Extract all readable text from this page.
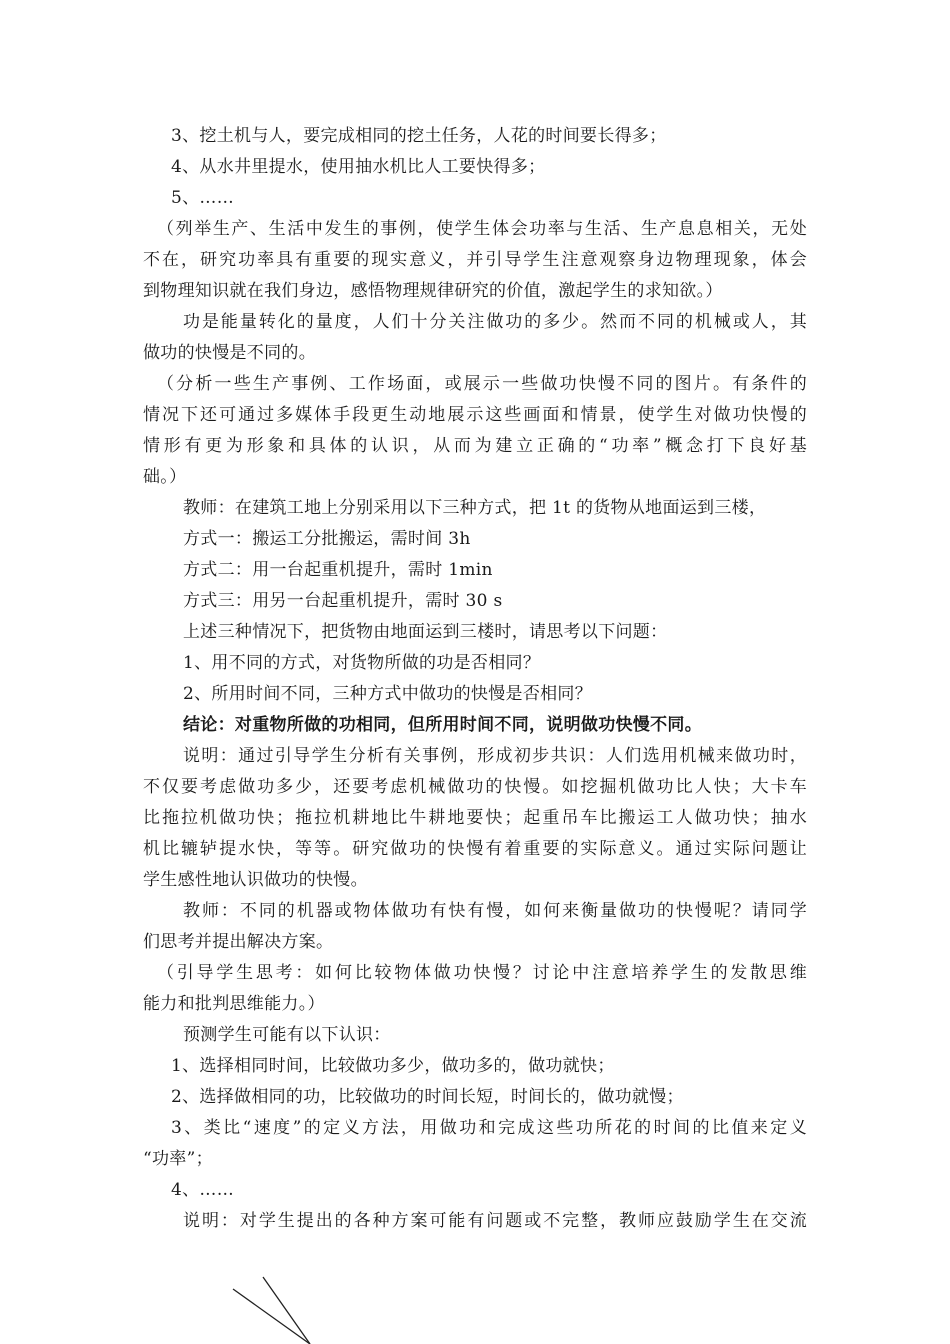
3、挖土机与人，要完成相同的挖土任务，人花的时间要长得多；
4、从水井里提水，使用抽水机比人工要快得多；
5、……
（列举生产、生活中发生的事例，使学生体会功率与生活、生产息息相关，无处
不在，研究功率具有重要的现实意义，并引导学生注意观察身边物理现象，体会
到物理知识就在我们身边，感悟物理规律研究的价值，激起学生的求知欲。）
功是能量转化的量度，人们十分关注做功的多少。然而不同的机械或人，其
做功的快慢是不同的。
（分析一些生产事例、工作场面，或展示一些做功快慢不同的图片。有条件的
情况下还可通过多媒体手段更生动地展示这些画面和情景，使学生对做功快慢的
情形有更为形象和具体的认识，从而为建立正确的“功率”概念打下良好基
础。）
教师：在建筑工地上分别采用以下三种方式，把 1t 的货物从地面运到三楼，
方式一：搬运工分批搬运，需时间 3h
方式二：用一台起重机提升，需时 1min
方式三：用另一台起重机提升，需时 30 s
上述三种情况下，把货物由地面运到三楼时，请思考以下问题：
1、用不同的方式，对货物所做的功是否相同？
2、所用时间不同，三种方式中做功的快慢是否相同？
结论：对重物所做的功相同，但所用时间不同，说明做功快慢不同。
说明：通过引导学生分析有关事例，形成初步共识：人们选用机械来做功时，
不仅要考虑做功多少，还要考虑机械做功的快慢。如挖掘机做功比人快；大卡车
比拖拉机做功快；拖拉机耕地比牛耕地要快；起重吊车比搬运工人做功快；抽水
机比辘轳提水快，等等。研究做功的快慢有着重要的实际意义。通过实际问题让
学生感性地认识做功的快慢。
教师：不同的机器或物体做功有快有慢，如何来衡量做功的快慢呢？请同学
们思考并提出解决方案。
（引导学生思考：如何比较物体做功快慢？讨论中注意培养学生的发散思维
能力和批判思维能力。）
预测学生可能有以下认识：
1、选择相同时间，比较做功多少，做功多的，做功就快；
2、选择做相同的功，比较做功的时间长短，时间长的，做功就慢；
3、类比“速度”的定义方法，用做功和完成这些功所花的时间的比值来定义
“功率”；
4、……
说明：对学生提出的各种方案可能有问题或不完整，教师应鼓励学生在交流
